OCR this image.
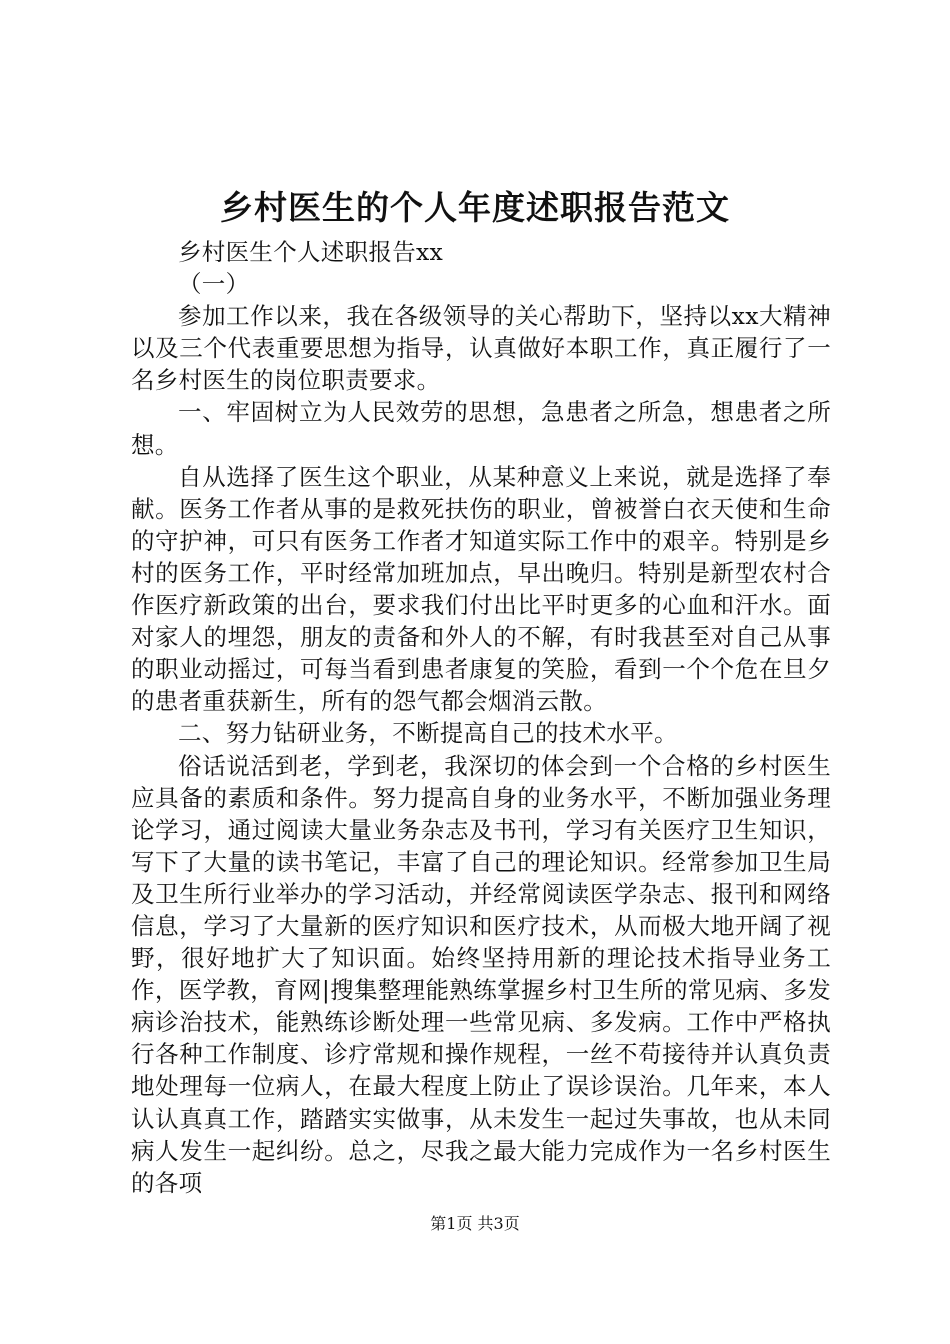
乡村医生的个人年度述职报告范文

乡村医生个人述职报告xx

（一）

参加工作以来，我在各级领导的关心帮助下，坚持以xx大精神以及三个代表重要思想为指导，认真做好本职工作，真正履行了一名乡村医生的岗位职责要求。

一、牢固树立为人民效劳的思想，急患者之所急，想患者之所想。

自从选择了医生这个职业，从某种意义上来说，就是选择了奉献。医务工作者从事的是救死扶伤的职业，曾被誉白衣天使和生命的守护神，可只有医务工作者才知道实际工作中的艰辛。特别是乡村的医务工作，平时经常加班加点，早出晚归。特别是新型农村合作医疗新政策的出台，要求我们付出比平时更多的心血和汗水。面对家人的埋怨，朋友的责备和外人的不解，有时我甚至对自己从事的职业动摇过，可每当看到患者康复的笑脸，看到一个个危在旦夕的患者重获新生，所有的怨气都会烟消云散。

二、努力钻研业务，不断提高自己的技术水平。

俗话说活到老，学到老，我深切的体会到一个合格的乡村医生应具备的素质和条件。努力提高自身的业务水平，不断加强业务理论学习，通过阅读大量业务杂志及书刊，学习有关医疗卫生知识，写下了大量的读书笔记，丰富了自己的理论知识。经常参加卫生局及卫生所行业举办的学习活动，并经常阅读医学杂志、报刊和网络信息，学习了大量新的医疗知识和医疗技术，从而极大地开阔了视野，很好地扩大了知识面。始终坚持用新的理论技术指导业务工作，医学教，育网|搜集整理能熟练掌握乡村卫生所的常见病、多发病诊治技术，能熟练诊断处理一些常见病、多发病。工作中严格执行各种工作制度、诊疗常规和操作规程，一丝不苟接待并认真负责地处理每一位病人，在最大程度上防止了误诊误治。几年来，本人认认真真工作，踏踏实实做事，从未发生一起过失事故，也从未同病人发生一起纠纷。总之，尽我之最大能力完成作为一名乡村医生的各项

第1页 共3页
